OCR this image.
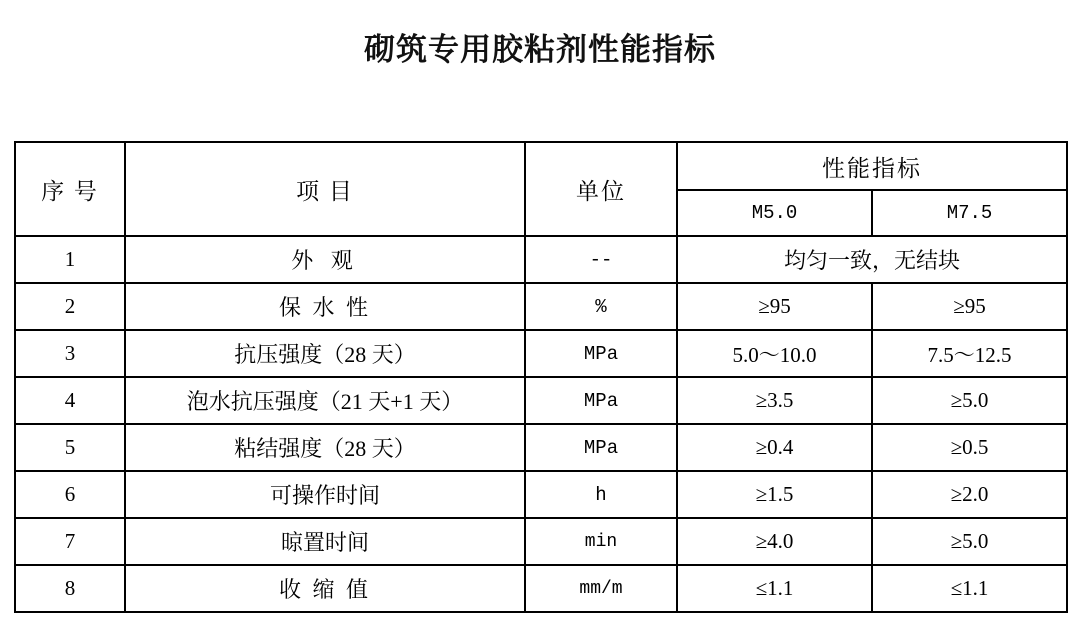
砌筑专用胶粘剂性能指标
序 号	项 目	单位	性能指标	
			M5.0	M7.5
1	外 观	--	均匀一致，无结块	
2	保 水 性	%	≥95	≥95
3	抗压强度（28 天）	MPa	5.0～10.0	7.5～12.5
4	泡水抗压强度（21 天+1 天）	MPa	≥3.5	≥5.0
5	粘结强度（28 天）	MPa	≥0.4	≥0.5
6	可操作时间	h	≥1.5	≥2.0
7	晾置时间	min	≥4.0	≥5.0
8	收 缩 值	mm/m	≤1.1	≤1.1
